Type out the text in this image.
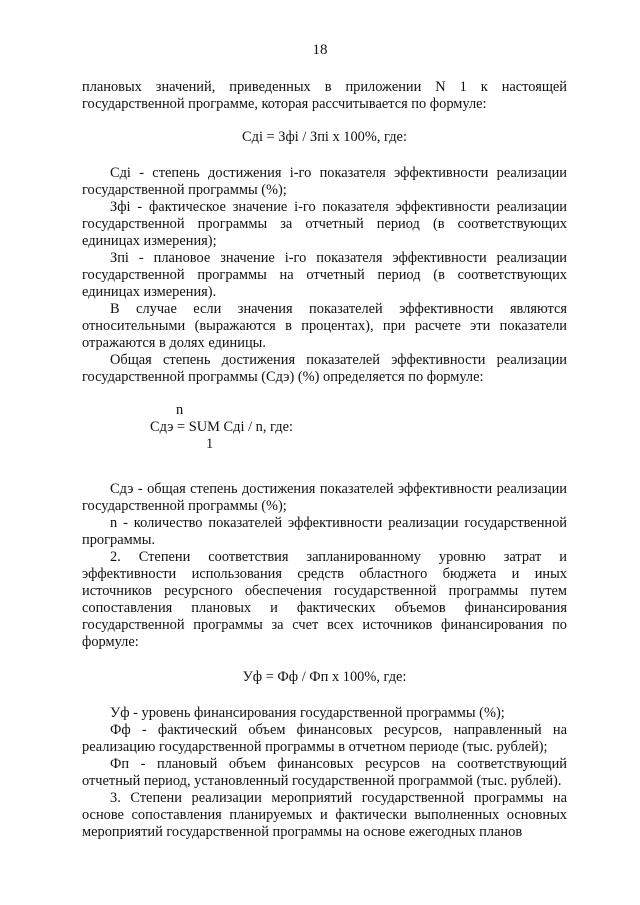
18

плановых значений, приведенных в приложении N 1 к настоящей государственной программе, которая рассчитывается по формуле:

Сдi = Зфi / Зпi x 100%, где:

Сдi - степень достижения i-го показателя эффективности реализации государственной программы (%);

Зфi - фактическое значение i-го показателя эффективности реализации государственной программы за отчетный период (в соответствующих единицах измерения);

Зпi - плановое значение i-го показателя эффективности реализации государственной программы на отчетный период (в соответствующих единицах измерения).

В случае если значения показателей эффективности являются относительными (выражаются в процентах), при расчете эти показатели отражаются в долях единицы.

Общая степень достижения показателей эффективности реализации государственной программы (Сдэ) (%) определяется по формуле:

n
Сдэ = SUM Сдi / n, где:
1

Сдэ - общая степень достижения показателей эффективности реализации государственной программы (%);

n - количество показателей эффективности реализации государственной программы.

2. Степени соответствия запланированному уровню затрат и эффективности использования средств областного бюджета и иных источников ресурсного обеспечения государственной программы путем сопоставления плановых и фактических объемов финансирования государственной программы за счет всех источников финансирования по формуле:

Уф = Фф / Фп x 100%, где:

Уф - уровень финансирования государственной программы (%);

Фф - фактический объем финансовых ресурсов, направленный на реализацию государственной программы в отчетном периоде (тыс. рублей);

Фп - плановый объем финансовых ресурсов на соответствующий отчетный период, установленный государственной программой (тыс. рублей).

3. Степени реализации мероприятий государственной программы на основе сопоставления планируемых и фактически выполненных основных мероприятий государственной программы на основе ежегодных планов
